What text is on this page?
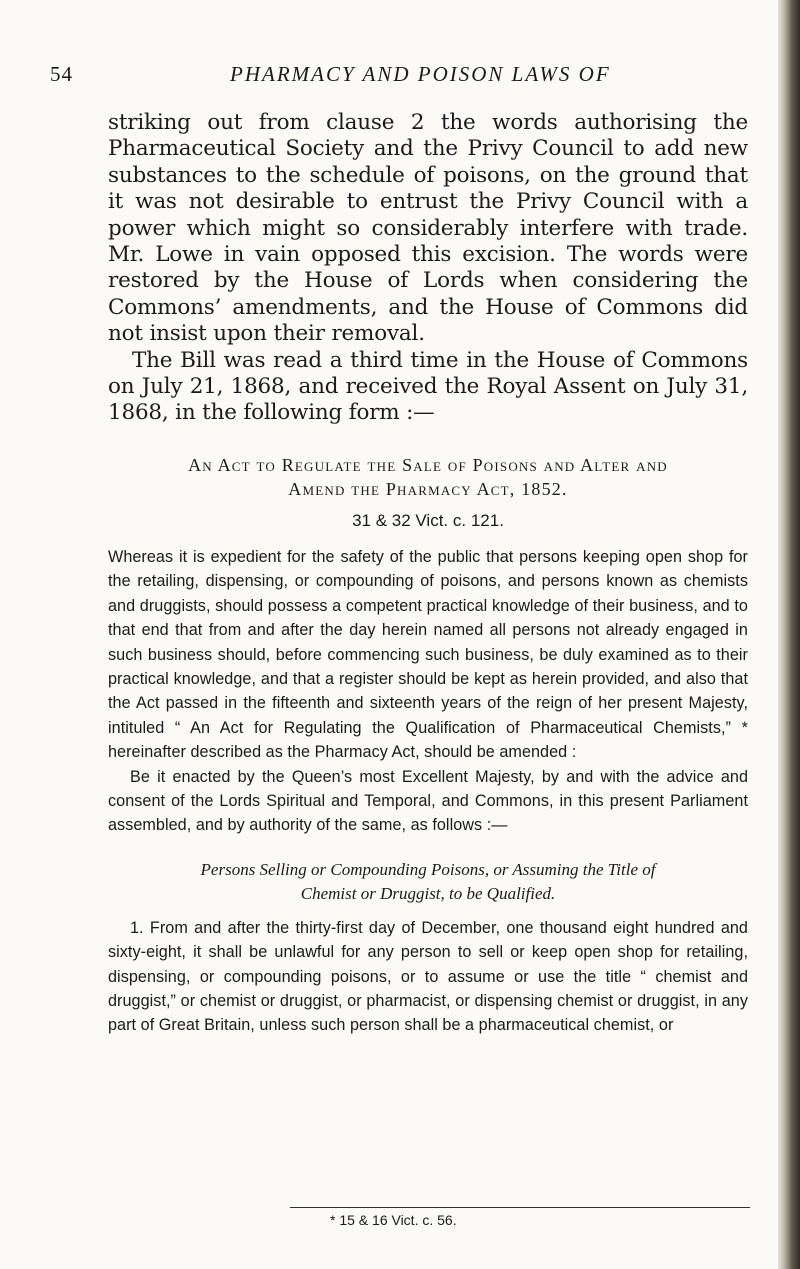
54	PHARMACY AND POISON LAWS OF

striking out from clause 2 the words authorising the Pharmaceutical Society and the Privy Council to add new substances to the schedule of poisons, on the ground that it was not desirable to entrust the Privy Council with a power which might so considerably interfere with trade. Mr. Lowe in vain opposed this excision. The words were restored by the House of Lords when considering the Commons’ amendments, and the House of Commons did not insist upon their removal.

The Bill was read a third time in the House of Commons on July 21, 1868, and received the Royal Assent on July 31, 1868, in the following form :—

An Act to Regulate the Sale of Poisons and Alter and
Amend the Pharmacy Act, 1852.
31 & 32 Vict. c. 121.

Whereas it is expedient for the safety of the public that persons keeping open shop for the retailing, dispensing, or compounding of poisons, and persons known as chemists and druggists, should possess a competent practical knowledge of their business, and to that end that from and after the day herein named all persons not already engaged in such business should, before commencing such business, be duly examined as to their practical knowledge, and that a register should be kept as herein provided, and also that the Act passed in the fifteenth and sixteenth years of the reign of her present Majesty, intituled “ An Act for Regulating the Qualification of Pharmaceutical Chemists,” * hereinafter described as the Pharmacy Act, should be amended :

Be it enacted by the Queen’s most Excellent Majesty, by and with the advice and consent of the Lords Spiritual and Temporal, and Commons, in this present Parliament assembled, and by authority of the same, as follows :—

Persons Selling or Compounding Poisons, or Assuming the Title of
Chemist or Druggist, to be Qualified.

1. From and after the thirty-first day of December, one thousand eight hundred and sixty-eight, it shall be unlawful for any person to sell or keep open shop for retailing, dispensing, or compounding poisons, or to assume or use the title “ chemist and druggist,” or chemist or druggist, or pharmacist, or dispensing chemist or druggist, in any part of Great Britain, unless such person shall be a pharmaceutical chemist, or

* 15 & 16 Vict. c. 56.
